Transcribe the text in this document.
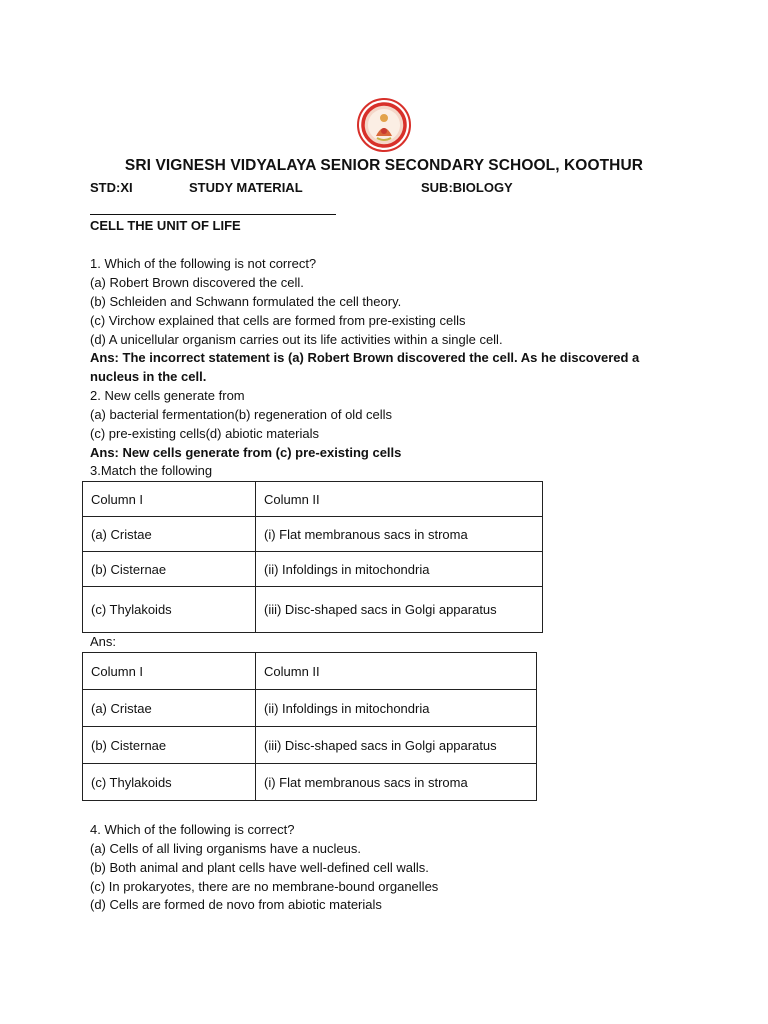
SRI VIGNESH VIDYALAYA SENIOR SECONDARY SCHOOL, KOOTHUR
STD:XI	STUDY MATERIAL	SUB:BIOLOGY
CELL THE UNIT OF LIFE
1. Which of the following is not correct?
(a) Robert Brown discovered the cell.
(b) Schleiden and Schwann formulated the cell theory.
(c) Virchow explained that cells are formed from pre-existing cells
(d) A unicellular organism carries out its life activities within a single cell.
Ans: The incorrect statement is (a) Robert Brown discovered the cell. As he discovered a nucleus in the cell.
2. New cells generate from
(a) bacterial fermentation(b) regeneration of old cells
(c) pre-existing cells(d) abiotic materials
Ans: New cells generate from (c) pre-existing cells
3.Match the following
Column I	Column II
(a) Cristae	(i) Flat membranous sacs in stroma
(b) Cisternae	(ii) Infoldings in mitochondria
(c) Thylakoids	(iii) Disc-shaped sacs in Golgi apparatus
Ans:
Column I	Column II
(a) Cristae	(ii) Infoldings in mitochondria
(b) Cisternae	(iii) Disc-shaped sacs in Golgi apparatus
(c) Thylakoids	(i) Flat membranous sacs in stroma
4. Which of the following is correct?
(a) Cells of all living organisms have a nucleus.
(b) Both animal and plant cells have well-defined cell walls.
(c) In prokaryotes, there are no membrane-bound organelles
(d) Cells are formed de novo from abiotic materials
